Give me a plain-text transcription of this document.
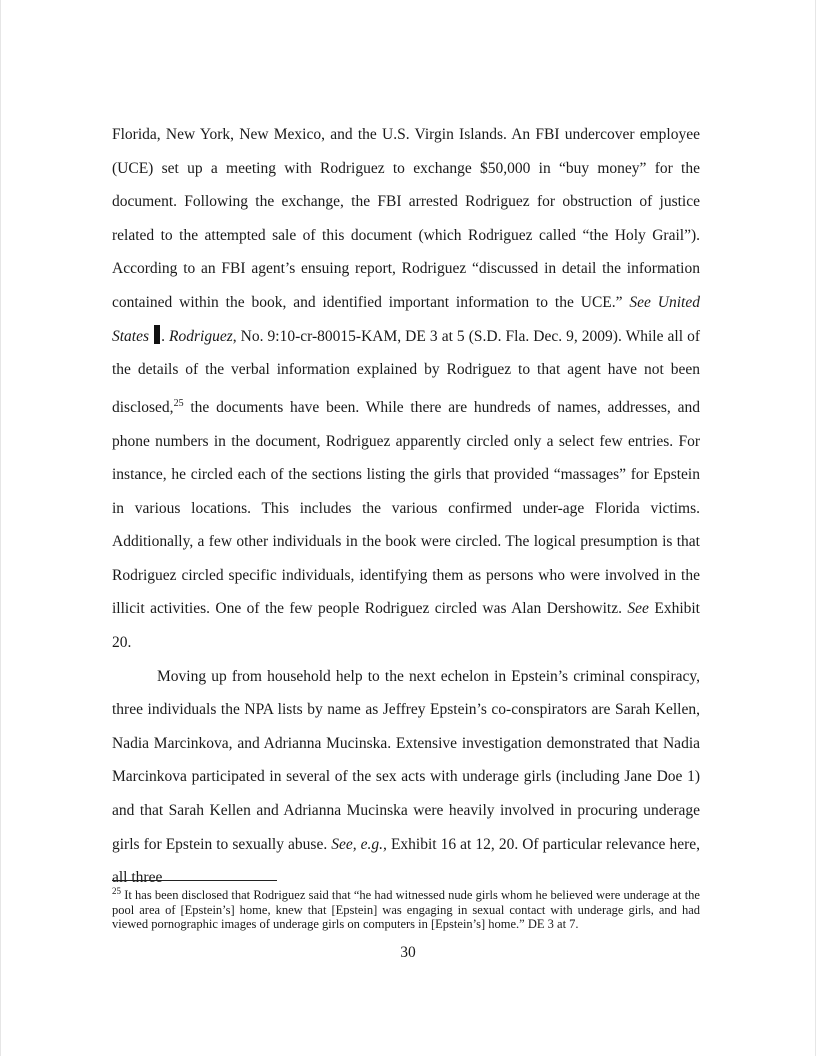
Florida, New York, New Mexico, and the U.S. Virgin Islands. An FBI undercover employee (UCE) set up a meeting with Rodriguez to exchange $50,000 in “buy money” for the document. Following the exchange, the FBI arrested Rodriguez for obstruction of justice related to the attempted sale of this document (which Rodriguez called “the Holy Grail”). According to an FBI agent’s ensuing report, Rodriguez “discussed in detail the information contained within the book, and identified important information to the UCE.” See United States . Rodriguez, No. 9:10-cr-80015-KAM, DE 3 at 5 (S.D. Fla. Dec. 9, 2009). While all of the details of the verbal information explained by Rodriguez to that agent have not been disclosed,$^{25}$ the documents have been. While there are hundreds of names, addresses, and phone numbers in the document, Rodriguez apparently circled only a select few entries. For instance, he circled each of the sections listing the girls that provided “massages” for Epstein in various locations. This includes the various confirmed under-age Florida victims. Additionally, a few other individuals in the book were circled. The logical presumption is that Rodriguez circled specific individuals, identifying them as persons who were involved in the illicit activities. One of the few people Rodriguez circled was Alan Dershowitz. See Exhibit 20.

Moving up from household help to the next echelon in Epstein’s criminal conspiracy, three individuals the NPA lists by name as Jeffrey Epstein’s co-conspirators are Sarah Kellen, Nadia Marcinkova, and Adrianna Mucinska. Extensive investigation demonstrated that Nadia Marcinkova participated in several of the sex acts with underage girls (including Jane Doe 1) and that Sarah Kellen and Adrianna Mucinska were heavily involved in procuring underage girls for Epstein to sexually abuse. See, e.g., Exhibit 16 at 12, 20. Of particular relevance here, all three

$^{25}$ It has been disclosed that Rodriguez said that “he had witnessed nude girls whom he believed were underage at the pool area of [Epstein’s] home, knew that [Epstein] was engaging in sexual contact with underage girls, and had viewed pornographic images of underage girls on computers in [Epstein’s] home.” DE 3 at 7.

30
